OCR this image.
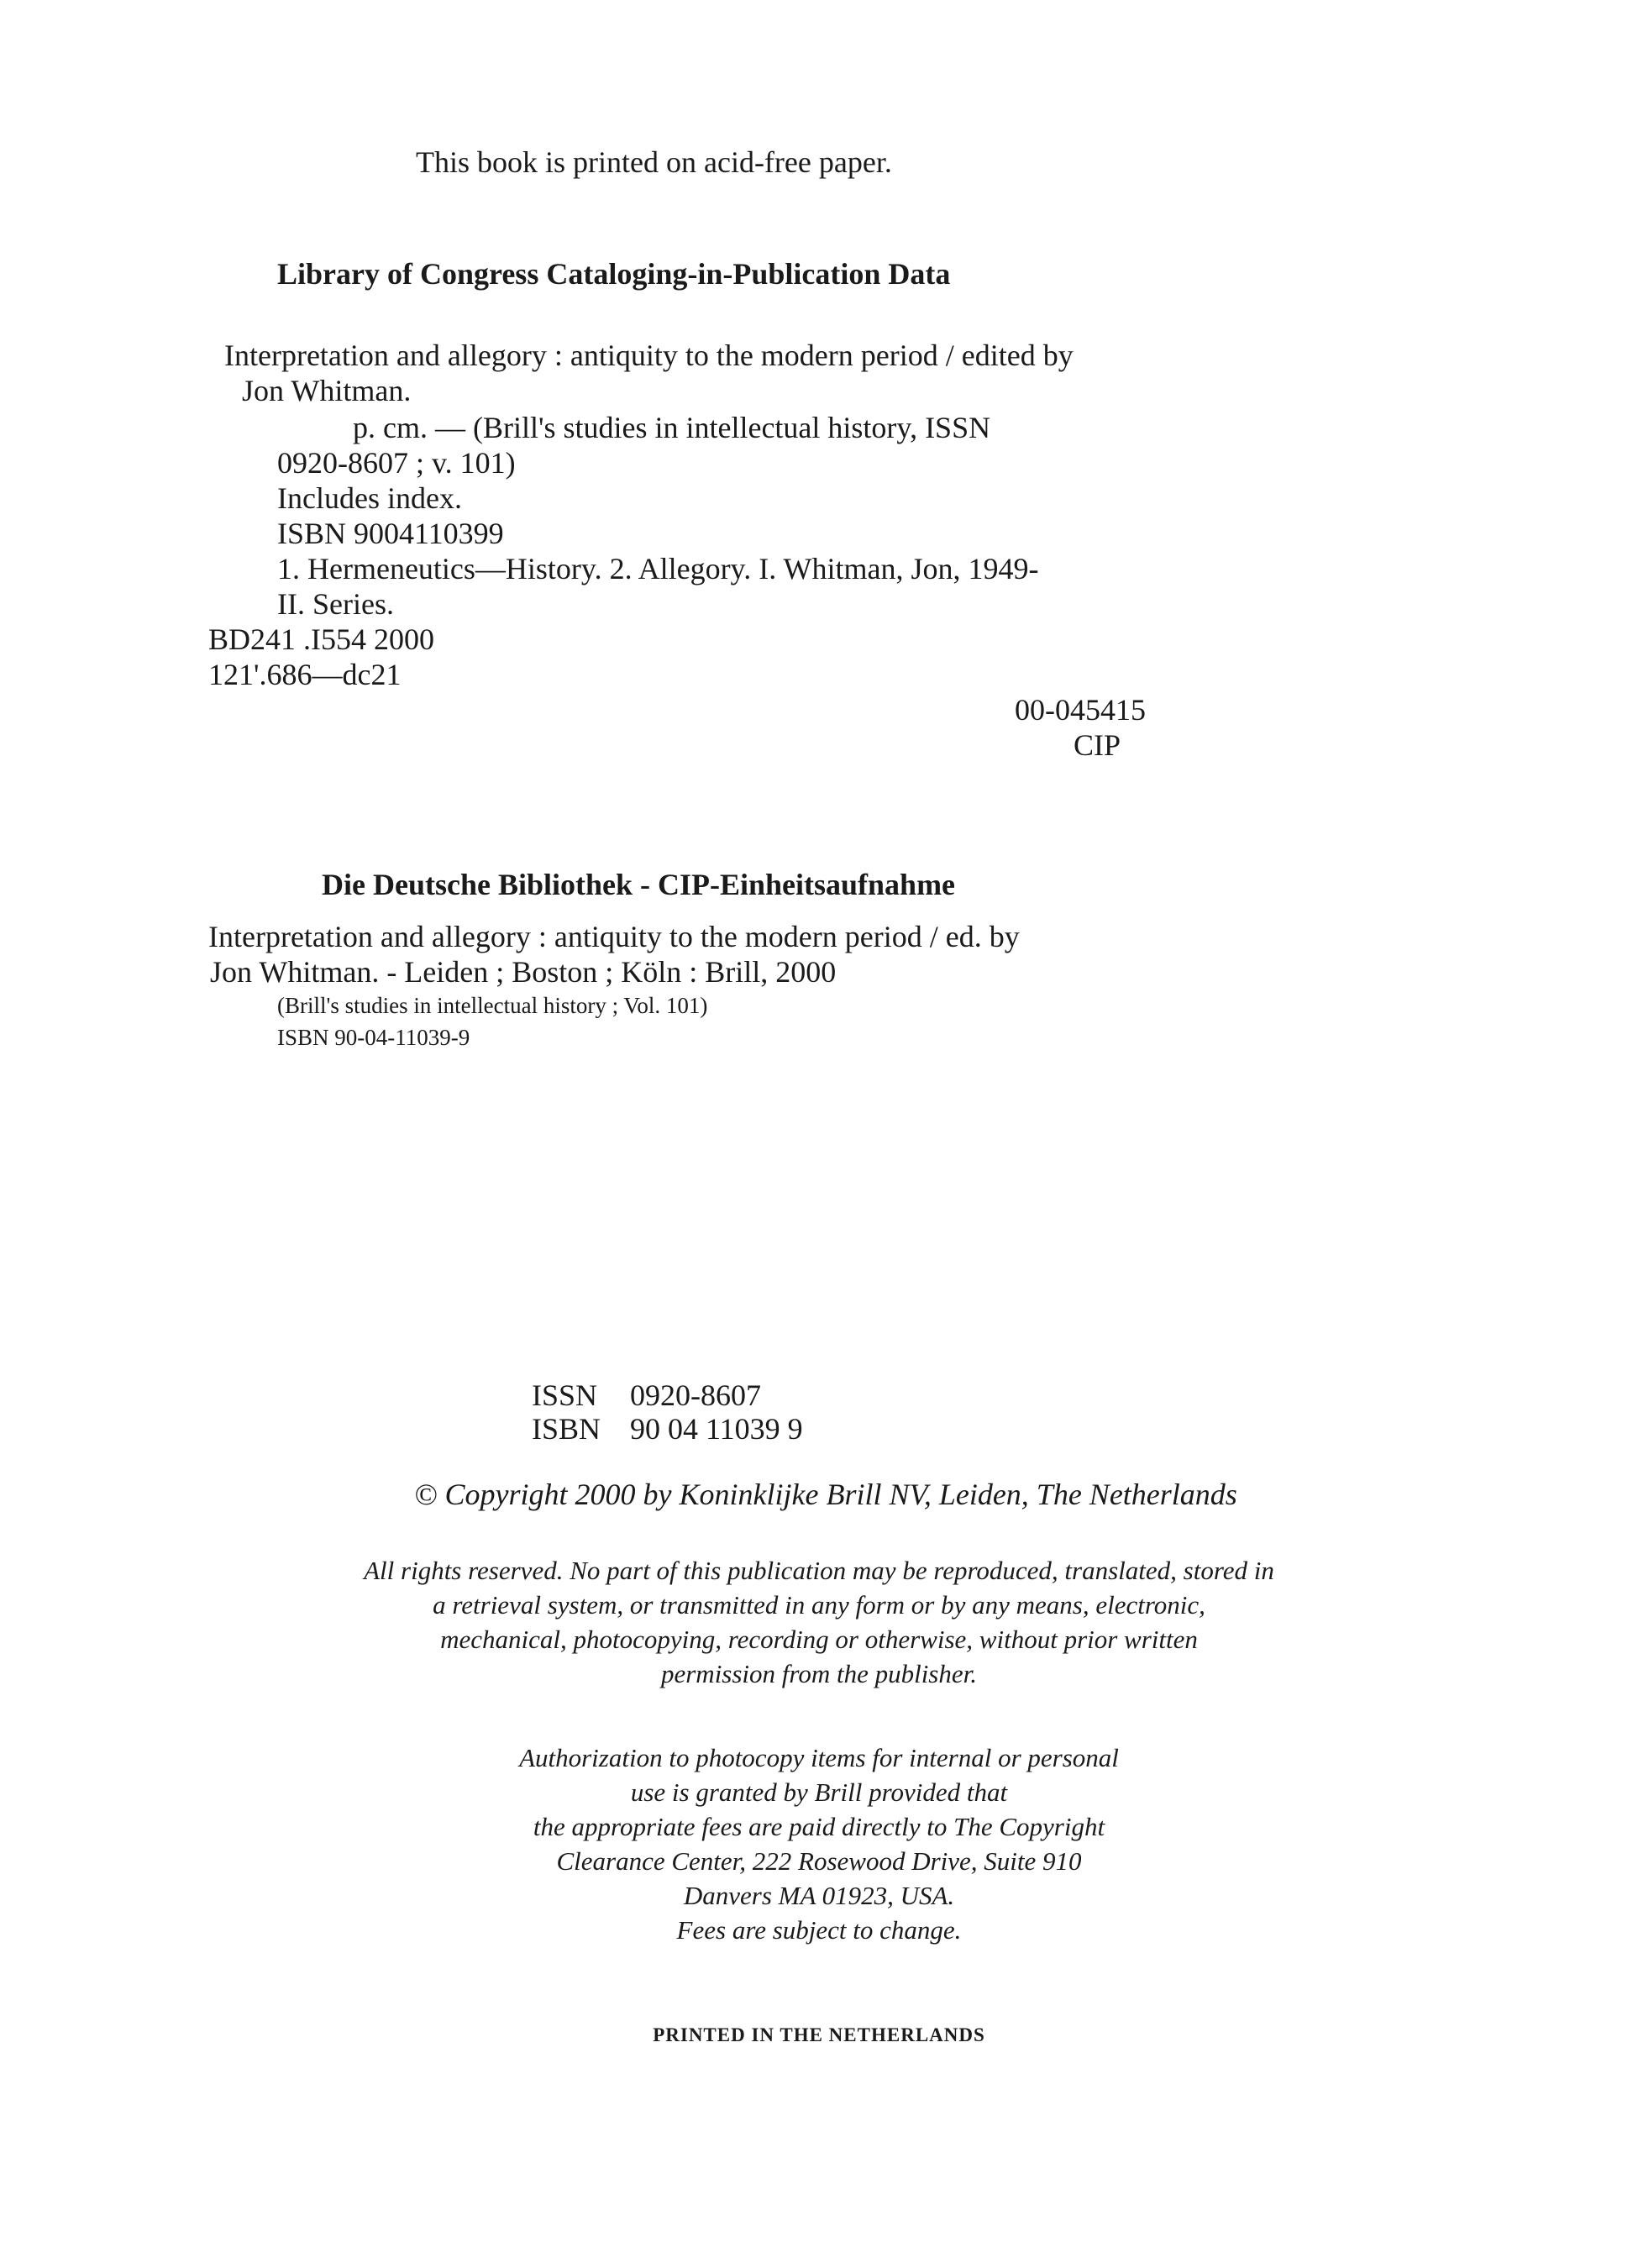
This book is printed on acid-free paper.

Library of Congress Cataloging-in-Publication Data

Interpretation and allegory : antiquity to the modern period / edited by

Jon Whitman.

p. cm. — (Brill's studies in intellectual history, ISSN

0920-8607 ; v. 101)

Includes index.

ISBN 9004110399

1. Hermeneutics—History. 2. Allegory. I. Whitman, Jon, 1949-

II. Series.

BD241 .I554 2000

121'.686—dc21

00-045415

CIP

Die Deutsche Bibliothek - CIP-Einheitsaufnahme

Interpretation and allegory : antiquity to the modern period / ed. by

Jon Whitman. - Leiden ; Boston ; Köln : Brill, 2000

(Brill's studies in intellectual history ; Vol. 101)

ISBN 90-04-11039-9

ISSN 0920-8607

ISBN 90 04 11039 9

© Copyright 2000 by Koninklijke Brill NV, Leiden, The Netherlands

All rights reserved. No part of this publication may be reproduced, translated, stored in

a retrieval system, or transmitted in any form or by any means, electronic,

mechanical, photocopying, recording or otherwise, without prior written

permission from the publisher.

Authorization to photocopy items for internal or personal

use is granted by Brill provided that

the appropriate fees are paid directly to The Copyright

Clearance Center, 222 Rosewood Drive, Suite 910

Danvers MA 01923, USA.

Fees are subject to change.

PRINTED IN THE NETHERLANDS
